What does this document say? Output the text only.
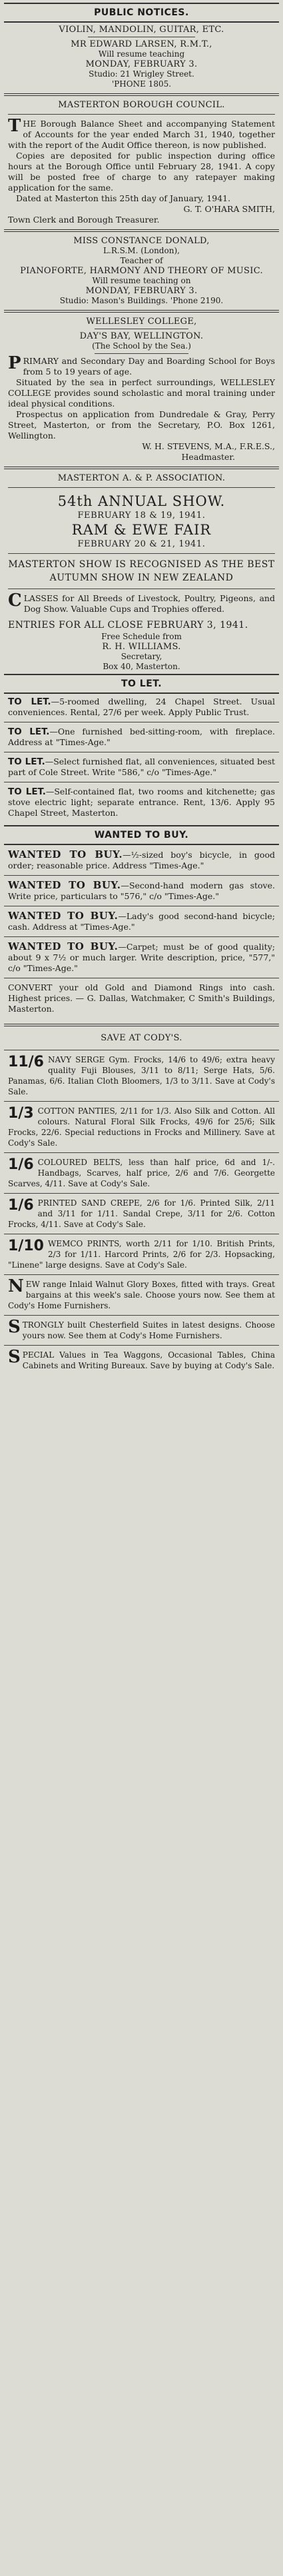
PUBLIC NOTICES.
VIOLIN, MANDOLIN, GUITAR, ETC.
MR EDWARD LARSEN, R.M.T.,
Will resume teaching
MONDAY, FEBRUARY 3.
Studio: 21 Wrigley Street.
'PHONE 1805.
MASTERTON BOROUGH COUNCIL.
THE Borough Balance Sheet and accompanying Statement of Accounts for the year ended March 31, 1940, together with the report of the Audit Office thereon, is now published.
Copies are deposited for public inspection during office hours at the Borough Office until February 28, 1941. A copy will be posted free of charge to any ratepayer making application for the same.
Dated at Masterton this 25th day of January, 1941.
G. T. O'HARA SMITH,
Town Clerk and Borough Treasurer.
MISS CONSTANCE DONALD,
L.R.S.M. (London),
Teacher of
PIANOFORTE, HARMONY AND THEORY OF MUSIC.
Will resume teaching on
MONDAY, FEBRUARY 3.
Studio: Mason's Buildings. 'Phone 2190.
WELLESLEY COLLEGE,
DAY'S BAY, WELLINGTON.
(The School by the Sea.)
PRIMARY and Secondary Day and Boarding School for Boys from 5 to 19 years of age.
Situated by the sea in perfect surroundings, WELLESLEY COLLEGE provides sound scholastic and moral training under ideal physical conditions.
Prospectus on application from Dundredale & Gray, Perry Street, Masterton, or from the Secretary, P.O. Box 1261, Wellington.
W. H. STEVENS, M.A., F.R.E.S.,
Headmaster.
MASTERTON A. & P. ASSOCIATION.
54th ANNUAL SHOW.
FEBRUARY 18 & 19, 1941.
RAM & EWE FAIR
FEBRUARY 20 & 21, 1941.
MASTERTON SHOW IS RECOGNISED AS THE BEST AUTUMN SHOW IN NEW ZEALAND
CLASSES for All Breeds of Livestock, Poultry, Pigeons, and Dog Show. Valuable Cups and Trophies offered.
ENTRIES FOR ALL CLOSE FEBRUARY 3, 1941.
Free Schedule from
R. H. WILLIAMS.
Secretary,
Box 40, Masterton.
TO LET.
TO LET.—5-roomed dwelling, 24 Chapel Street. Usual conveniences. Rental, 27/6 per week. Apply Public Trust.
TO LET.—One furnished bed-sitting-room, with fireplace. Address at "Times-Age."
TO LET.—Select furnished flat, all conveniences, situated best part of Cole Street. Write "586," c/o "Times-Age."
TO LET.—Self-contained flat, two rooms and kitchenette; gas stove electric light; separate entrance. Rent, 13/6. Apply 95 Chapel Street, Masterton.
WANTED TO BUY.
WANTED TO BUY.—½-sized boy's bicycle, in good order; reasonable price. Address "Times-Age."
WANTED TO BUY.—Second-hand modern gas stove. Write price, particulars to "576," c/o "Times-Age."
WANTED TO BUY.—Lady's good second-hand bicycle; cash. Address at "Times-Age."
WANTED TO BUY.—Carpet; must be of good quality; about 9 x 7½ or much larger. Write description, price, "577," c/o "Times-Age."
CONVERT your old Gold and Diamond Rings into cash. Highest prices. — G. Dallas, Watchmaker, C Smith's Buildings, Masterton.
SAVE AT CODY'S.
11/6 NAVY SERGE Gym. Frocks, 14/6 to 49/6; extra heavy quality Fuji Blouses, 3/11 to 8/11; Serge Hats, 5/6. Panamas, 6/6. Italian Cloth Bloomers, 1/3 to 3/11. Save at Cody's Sale.
1/3 COTTON PANTIES, 2/11 for 1/3. Also Silk and Cotton. All colours. Natural Floral Silk Frocks, 49/6 for 25/6; Silk Frocks, 22/6. Special reductions in Frocks and Millinery. Save at Cody's Sale.
1/6 COLOURED BELTS, less than half price, 6d and 1/-. Handbags, Scarves, half price, 2/6 and 7/6. Georgette Scarves, 4/11. Save at Cody's Sale.
1/6 PRINTED SAND CREPE, 2/6 for 1/6. Printed Silk, 2/11 and 3/11 for 1/11. Sandal Crepe, 3/11 for 2/6. Cotton Frocks, 4/11. Save at Cody's Sale.
1/10 WEMCO PRINTS, worth 2/11 for 1/10. British Prints, 2/3 for 1/11. Harcord Prints, 2/6 for 2/3. Hopsacking, "Linene" large designs. Save at Cody's Sale.
NEW range Inlaid Walnut Glory Boxes, fitted with trays. Great bargains at this week's sale. Choose yours now. See them at Cody's Home Furnishers.
STRONGLY built Chesterfield Suites in latest designs. Choose yours now. See them at Cody's Home Furnishers.
SPECIAL Values in Tea Waggons, Occasional Tables, China Cabinets and Writing Bureaux. Save by buying at Cody's Sale.
